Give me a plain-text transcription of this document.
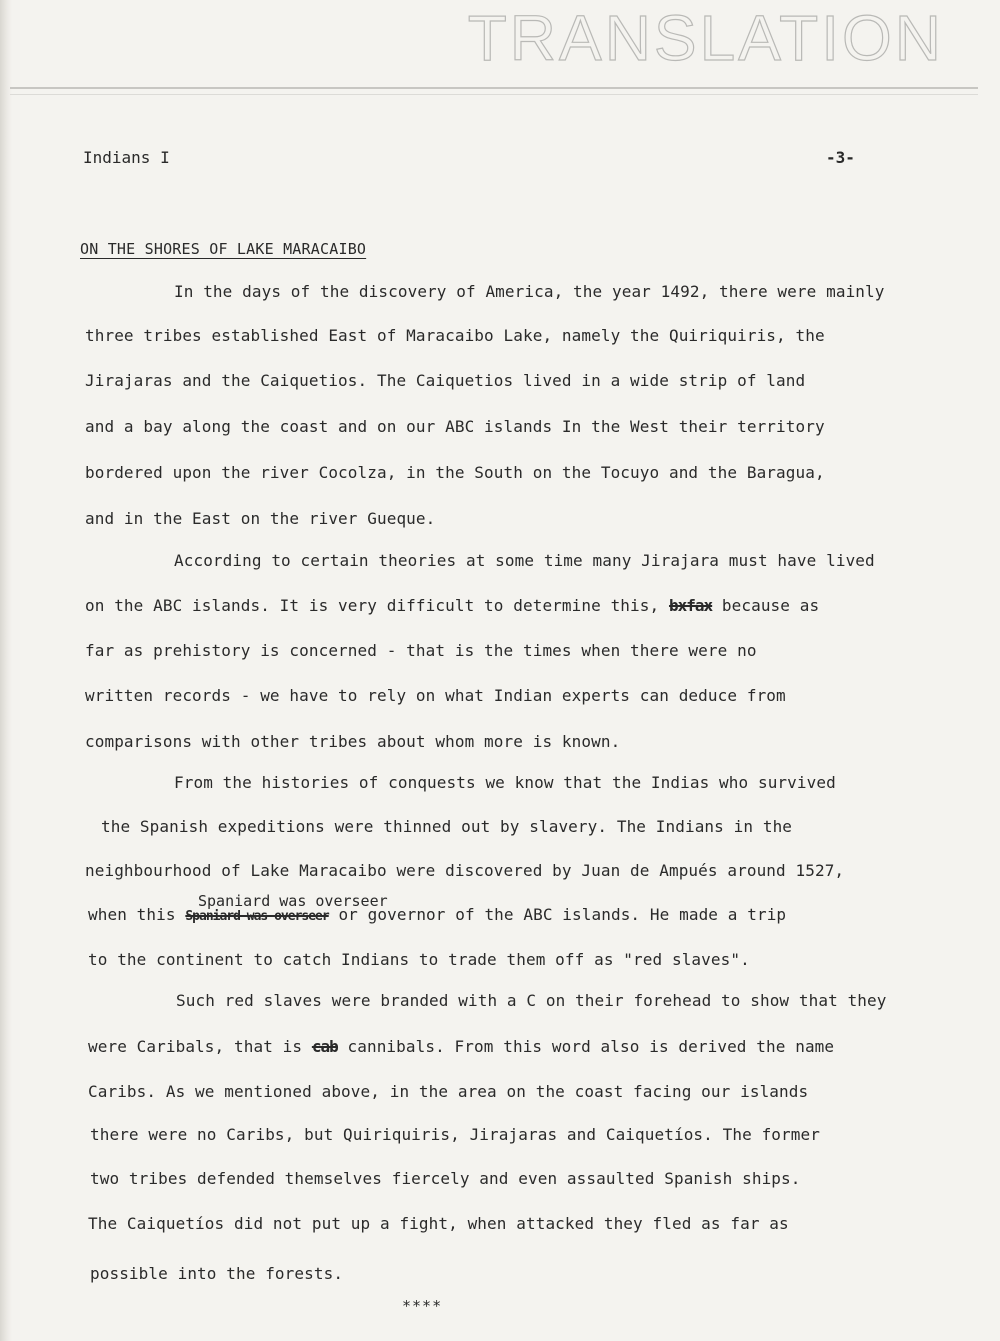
TRANSLATION
Indians I	-3-
ON THE SHORES OF LAKE MARACAIBO
In the days of the discovery of America, the year 1492, there were mainly
three tribes established East of Maracaibo Lake, namely the Quiriquiris, the
Jirajaras and the Caiquetios. The Caiquetios lived in a wide strip of land
and a bay along the coast and on our ABC islands In the West their territory
bordered upon the river Cocolza, in the South on the Tocuyo and the Baragua,
and in the East on the river Gueque.
According to certain theories at some time many Jirajara must have lived
on the ABC islands. It is very difficult to determine this, bxfax because as
far as prehistory is concerned - that is the times when there were no
written records - we have to rely on what Indian experts can deduce from
comparisons with other tribes about whom more is known.
From the histories of conquests we know that the Indias who survived
the Spanish expeditions were thinned out by slavery. The Indians in the
neighbourhood of Lake Maracaibo were discovered by Juan de Ampués around 1527,
Spaniard was overseer
when this Spaniard was overseer or governor of the ABC islands. He made a trip
to the continent to catch Indians to trade them off as "red slaves".
Such red slaves were branded with a C on their forehead to show that they
were Caribals, that is cab cannibals. From this word also is derived the name
Caribs. As we mentioned above, in the area on the coast facing our islands
there were no Caribs, but Quiriquiris, Jirajaras and Caiquetíos. The former
two tribes defended themselves fiercely and even assaulted Spanish ships.
The Caiquetíos did not put up a fight, when attacked they fled as far as
possible into the forests.
****
